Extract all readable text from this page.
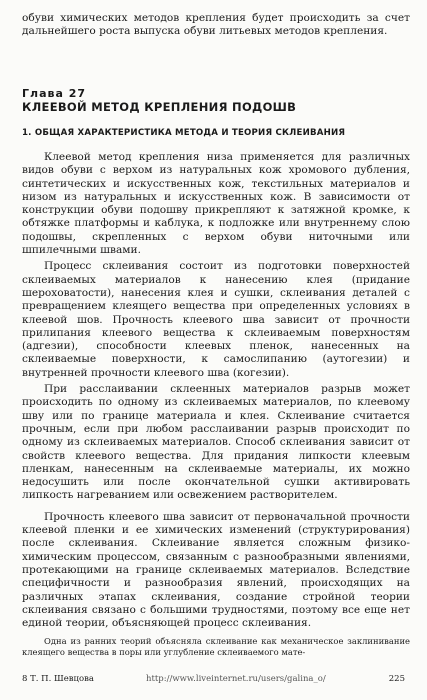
обуви химических методов крепления будет происходить за счет дальнейшего роста выпуска обуви литьевых методов крепления.

Глава 27
КЛЕЕВОЙ МЕТОД КРЕПЛЕНИЯ ПОДОШВ
1. ОБЩАЯ ХАРАКТЕРИСТИКА МЕТОДА И ТЕОРИЯ СКЛЕИВАНИЯ

Клеевой метод крепления низа применяется для различных видов обуви с верхом из натуральных кож хромового дубления, синтетических и искусственных кож, текстильных материалов и низом из натуральных и искусственных кож. В зависимости от конструкции обуви подошву прикрепляют к затяжной кромке, к обтяжке платформы и каблука, к подложке или внутреннему слою подошвы, скрепленных с верхом обуви ниточными или шпилечными швами.

Процесс склеивания состоит из подготовки поверхностей склеиваемых материалов к нанесению клея (придание шероховатости), нанесения клея и сушки, склеивания деталей с превращением клеящего вещества при определенных условиях в клеевой шов. Прочность клеевого шва зависит от прочности прилипания клеевого вещества к склеиваемым поверхностям (адгезии), способности клеевых пленок, нанесенных на склеиваемые поверхности, к самослипанию (аутогезии) и внутренней прочности клеевого шва (когезии).

При расслаивании склеенных материалов разрыв может происходить по одному из склеиваемых материалов, по клеевому шву или по границе материала и клея. Склеивание считается прочным, если при любом расслаивании разрыв происходит по одному из склеиваемых материалов. Способ склеивания зависит от свойств клеевого вещества. Для придания липкости клеевым пленкам, нанесенным на склеиваемые материалы, их можно недосушить или после окончательной сушки активировать липкость нагреванием или освежением растворителем.

Прочность клеевого шва зависит от первоначальной прочности клеевой пленки и ее химических изменений (структурирования) после склеивания. Склеивание является сложным физико-химическим процессом, связанным с разнообразными явлениями, протекающими на границе склеиваемых материалов. Вследствие специфичности и разнообразия явлений, происходящих на различных этапах склеивания, создание стройной теории склеивания связано с большими трудностями, поэтому все еще нет единой теории, объясняющей процесс склеивания.

Одна из ранних теорий объясняла склеивание как механическое заклинивание клеящего вещества в поры или углубление склеиваемого мате-

8 Т. П. Шевцова	http://www.liveinternet.ru/users/galina_o/	225
